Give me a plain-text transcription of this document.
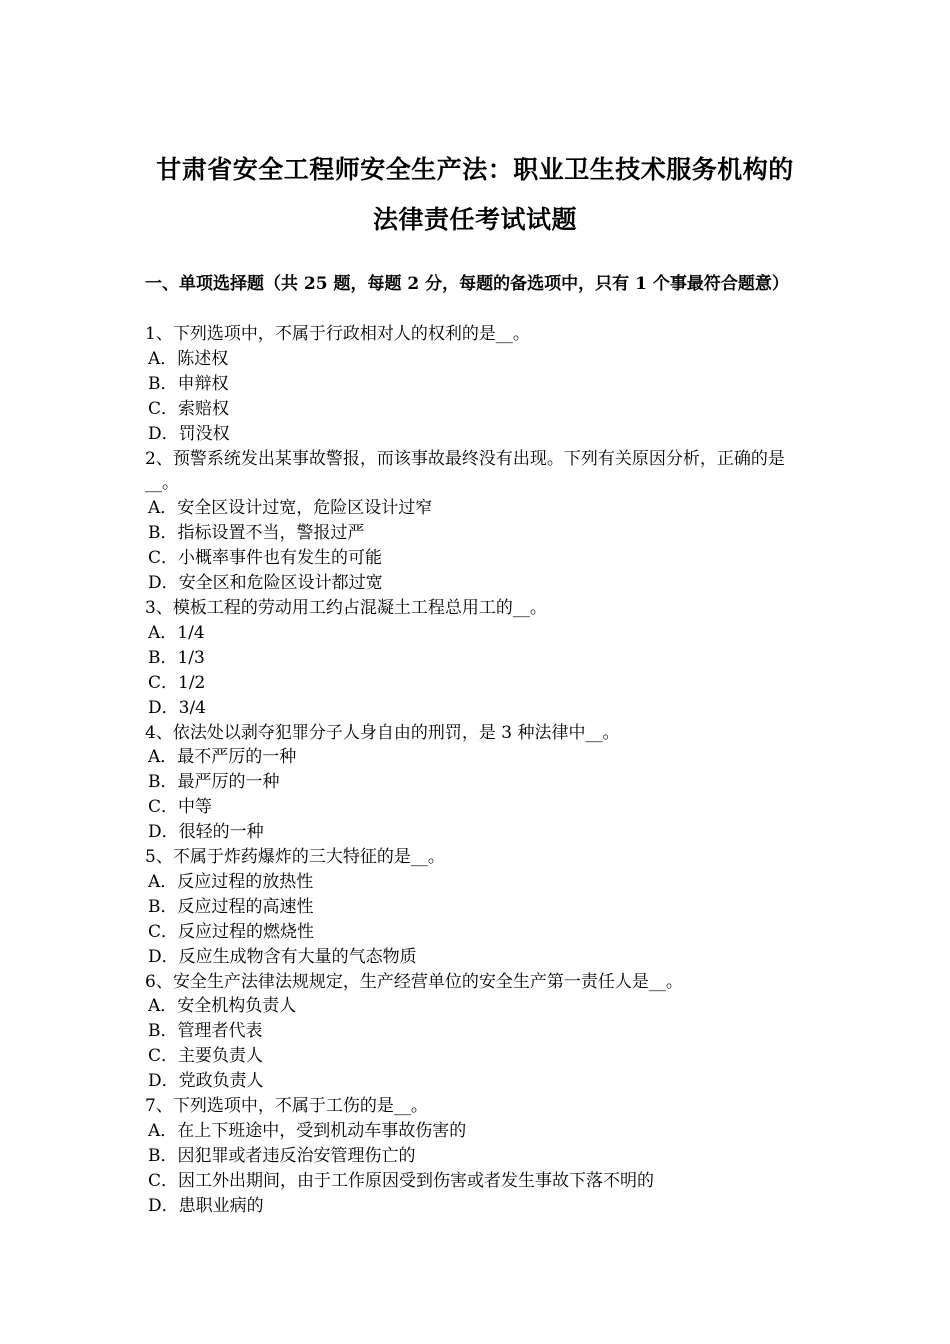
甘肃省安全工程师安全生产法：职业卫生技术服务机构的
法律责任考试试题

一、单项选择题（共 25 题，每题 2 分，每题的备选项中，只有 1 个事最符合题意）

1、下列选项中，不属于行政相对人的权利的是__。

A．陈述权

B．申辩权

C．索赔权

D．罚没权

2、预警系统发出某事故警报，而该事故最终没有出现。下列有关原因分析，正确的是__。

A．安全区设计过宽，危险区设计过窄

B．指标设置不当，警报过严

C．小概率事件也有发生的可能

D．安全区和危险区设计都过宽

3、模板工程的劳动用工约占混凝土工程总用工的__。

A．1/4

B．1/3

C．1/2

D．3/4

4、依法处以剥夺犯罪分子人身自由的刑罚，是 3 种法律中__。

A．最不严厉的一种

B．最严厉的一种

C．中等

D．很轻的一种

5、不属于炸药爆炸的三大特征的是__。

A．反应过程的放热性

B．反应过程的高速性

C．反应过程的燃烧性

D．反应生成物含有大量的气态物质

6、安全生产法律法规规定，生产经营单位的安全生产第一责任人是__。

A．安全机构负责人

B．管理者代表

C．主要负责人

D．党政负责人

7、下列选项中，不属于工伤的是__。

A．在上下班途中，受到机动车事故伤害的

B．因犯罪或者违反治安管理伤亡的

C．因工外出期间，由于工作原因受到伤害或者发生事故下落不明的

D．患职业病的
